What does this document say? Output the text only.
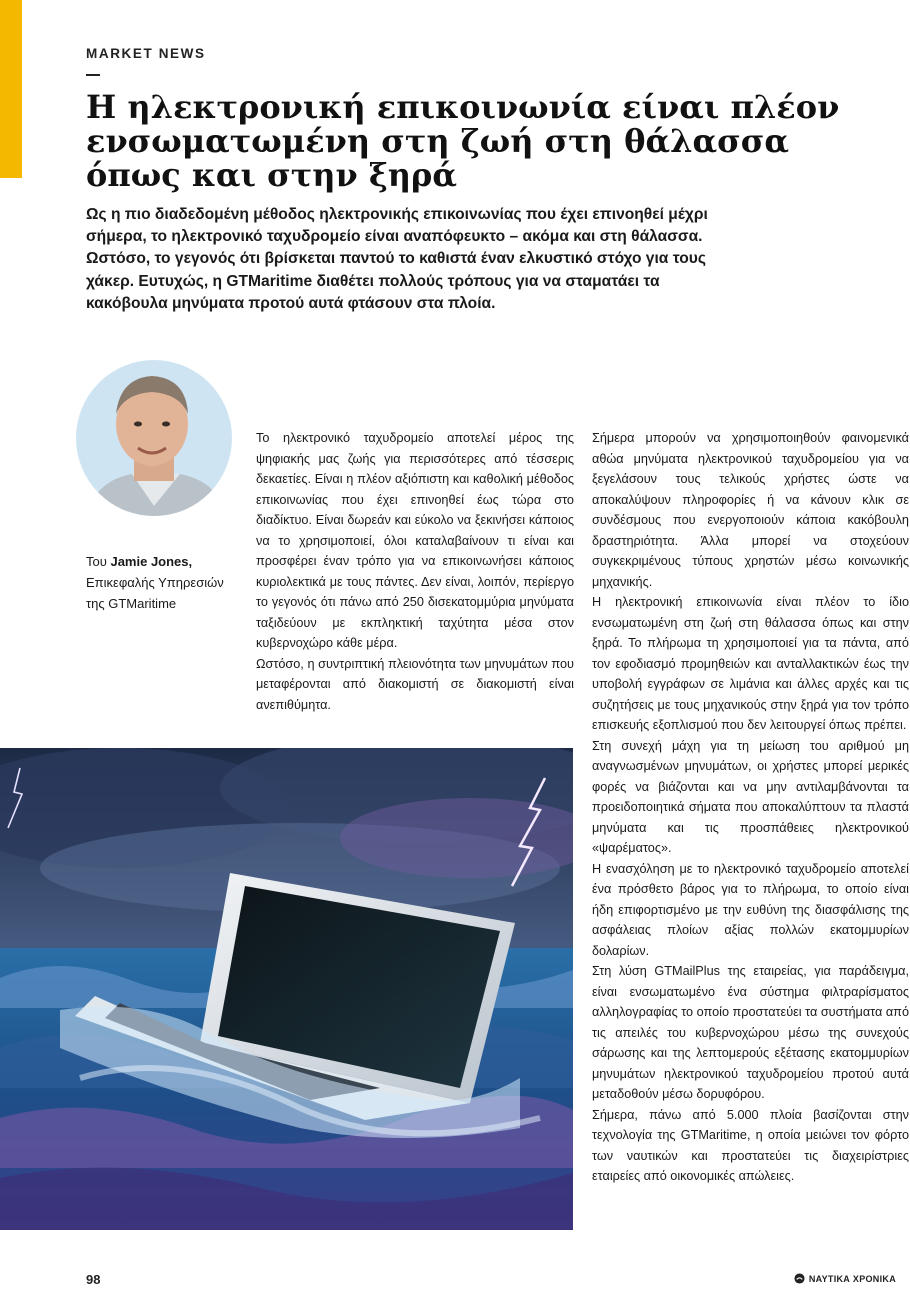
MARKET NEWS
Η ηλεκτρονική επικοινωνία είναι πλέον
ενσωματωμένη στη ζωή στη θάλασσα
όπως και στην ξηρά

Ως η πιο διαδεδομένη μέθοδος ηλεκτρονικής επικοινωνίας που έχει επινοηθεί μέχρι σήμερα, το ηλεκτρονικό ταχυδρομείο είναι αναπόφευκτο – ακόμα και στη θάλασσα. Ωστόσο, το γεγονός ότι βρίσκεται παντού το καθιστά έναν ελκυστικό στόχο για τους χάκερ. Ευτυχώς, η GTMaritime διαθέτει πολλούς τρόπους για να σταματάει τα κακόβουλα μηνύματα προτού αυτά φτάσουν στα πλοία.

Του Jamie Jones,
Επικεφαλής Υπηρεσιών
της GTMaritime

Το ηλεκτρονικό ταχυδρομείο αποτελεί μέρος της ψηφιακής μας ζωής για περισσότερες από τέσσερις δεκαετίες. Είναι η πλέον αξιόπιστη και καθολική μέθοδος επικοινωνίας που έχει επινοηθεί έως τώρα στο διαδίκτυο. Είναι δωρεάν και εύκολο να ξεκινήσει κάποιος να το χρησιμοποιεί, όλοι καταλαβαίνουν τι είναι και προσφέρει έναν τρόπο για να επικοινωνήσει κάποιος κυριολεκτικά με τους πάντες. Δεν είναι, λοιπόν, περίεργο το γεγονός ότι πάνω από 250 δισεκατομμύρια μηνύματα ταξιδεύουν με εκπληκτική ταχύτητα μέσα στον κυβερνοχώρο κάθε μέρα.

Ωστόσο, η συντριπτική πλειονότητα των μηνυμάτων που μεταφέρονται από διακομιστή σε διακομιστή είναι ανεπιθύμητα.

Σήμερα μπορούν να χρησιμοποιηθούν φαινομενικά αθώα μηνύματα ηλεκτρονικού ταχυδρομείου για να ξεγελάσουν τους τελικούς χρήστες ώστε να αποκαλύψουν πληροφορίες ή να κάνουν κλικ σε συνδέσμους που ενεργοποιούν κάποια κακόβουλη δραστηριότητα. Άλλα μπορεί να στοχεύουν συγκεκριμένους τύπους χρηστών μέσω κοινωνικής μηχανικής.

Η ηλεκτρονική επικοινωνία είναι πλέον το ίδιο ενσωματωμένη στη ζωή στη θάλασσα όπως και στην ξηρά. Το πλήρωμα τη χρησιμοποιεί για τα πάντα, από τον εφοδιασμό προμηθειών και ανταλλακτικών έως την υποβολή εγγράφων σε λιμάνια και άλλες αρχές και τις συζητήσεις με τους μηχανικούς στην ξηρά για τον τρόπο επισκευής εξοπλισμού που δεν λειτουργεί όπως πρέπει.

Στη συνεχή μάχη για τη μείωση του αριθμού μη αναγνωσμένων μηνυμάτων, οι χρήστες μπορεί μερικές φορές να βιάζονται και να μην αντιλαμβάνονται τα προειδοποιητικά σήματα που αποκαλύπτουν τα πλαστά μηνύματα και τις προσπάθειες ηλεκτρονικού «ψαρέματος».

Η ενασχόληση με το ηλεκτρονικό ταχυδρομείο αποτελεί ένα πρόσθετο βάρος για το πλήρωμα, το οποίο είναι ήδη επιφορτισμένο με την ευθύνη της διασφάλισης της ασφάλειας πλοίων αξίας πολλών εκατομμυρίων δολαρίων.

Στη λύση GTMailPlus της εταιρείας, για παράδειγμα, είναι ενσωματωμένο ένα σύστημα φιλτραρίσματος αλληλογραφίας το οποίο προστατεύει τα συστήματα από τις απειλές του κυβερνοχώρου μέσω της συνεχούς σάρωσης και της λεπτομερούς εξέτασης εκατομμυρίων μηνυμάτων ηλεκτρονικού ταχυδρομείου προτού αυτά μεταδοθούν μέσω δορυφόρου.

Σήμερα, πάνω από 5.000 πλοία βασίζονται στην τεχνολογία της GTMaritime, η οποία μειώνει τον φόρτο των ναυτικών και προστατεύει τις διαχειρίστριες εταιρείες από οικονομικές απώλειες.

98	ΝΑΥΤΙΚΑ ΧΡΟΝΙΚΑ
